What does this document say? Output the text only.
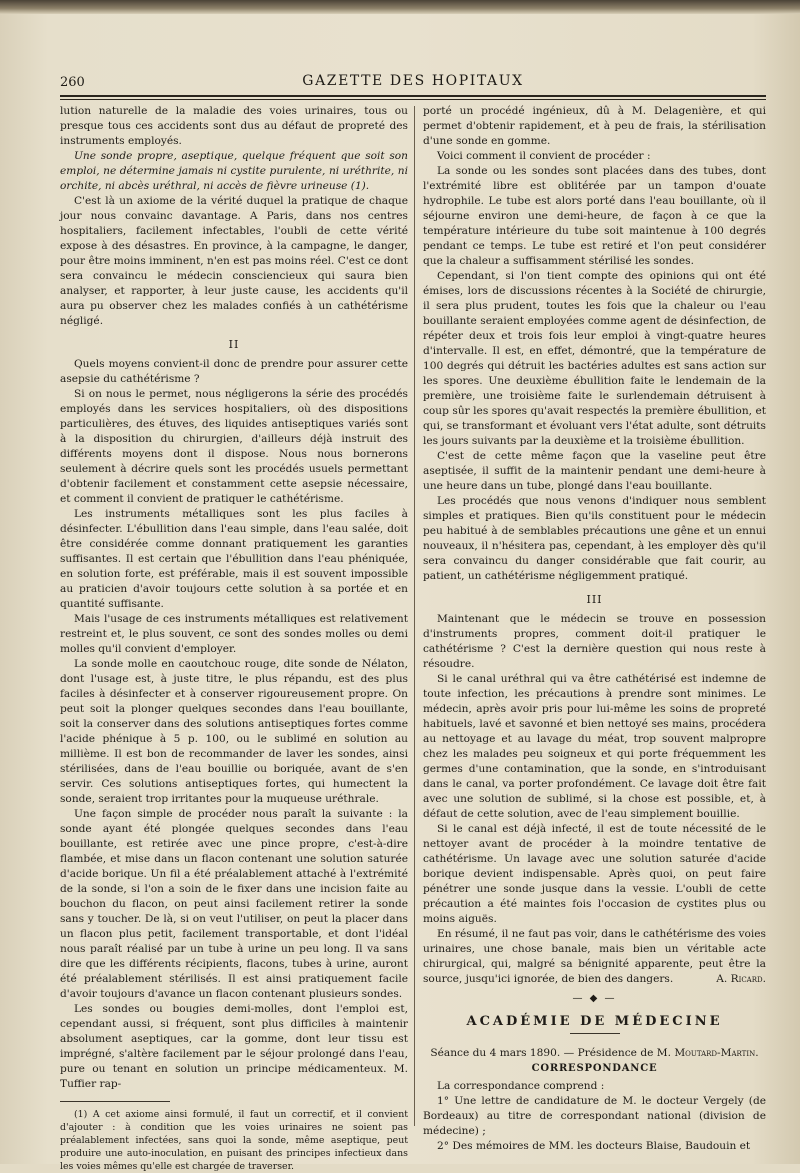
260	GAZETTE DES HOPITAUX

lution naturelle de la maladie des voies urinaires, tous ou presque tous ces accidents sont dus au défaut de propreté des instruments employés.

Une sonde propre, aseptique, quelque fréquent que soit son emploi, ne détermine jamais ni cystite purulente, ni uréthrite, ni orchite, ni abcès uréthral, ni accès de fièvre urineuse (1).

C'est là un axiome de la vérité duquel la pratique de chaque jour nous convainc davantage. A Paris, dans nos centres hospitaliers, facilement infectables, l'oubli de cette vérité expose à des désastres. En province, à la campagne, le danger, pour être moins imminent, n'en est pas moins réel. C'est ce dont sera convaincu le médecin consciencieux qui saura bien analyser, et rapporter, à leur juste cause, les accidents qu'il aura pu observer chez les malades confiés à un cathétérisme négligé.

II

Quels moyens convient-il donc de prendre pour assurer cette asepsie du cathétérisme ?

Si on nous le permet, nous négligerons la série des procédés employés dans les services hospitaliers, où des dispositions particulières, des étuves, des liquides antiseptiques variés sont à la disposition du chirurgien, d'ailleurs déjà instruit des différents moyens dont il dispose. Nous nous bornerons seulement à décrire quels sont les procédés usuels permettant d'obtenir facilement et constamment cette asepsie nécessaire, et comment il convient de pratiquer le cathétérisme.

Les instruments métalliques sont les plus faciles à désinfecter. L'ébullition dans l'eau simple, dans l'eau salée, doit être considérée comme donnant pratiquement les garanties suffisantes. Il est certain que l'ébullition dans l'eau phéniquée, en solution forte, est préférable, mais il est souvent impossible au praticien d'avoir toujours cette solution à sa portée et en quantité suffisante.

Mais l'usage de ces instruments métalliques est relativement restreint et, le plus souvent, ce sont des sondes molles ou demi molles qu'il convient d'employer.

La sonde molle en caoutchouc rouge, dite sonde de Nélaton, dont l'usage est, à juste titre, le plus répandu, est des plus faciles à désinfecter et à conserver rigoureusement propre. On peut soit la plonger quelques secondes dans l'eau bouillante, soit la conserver dans des solutions antiseptiques fortes comme l'acide phénique à 5 p. 100, ou le sublimé en solution au millième. Il est bon de recommander de laver les sondes, ainsi stérilisées, dans de l'eau bouillie ou boriquée, avant de s'en servir. Ces solutions antiseptiques fortes, qui humectent la sonde, seraient trop irritantes pour la muqueuse uréthrale.

Une façon simple de procéder nous paraît la suivante : la sonde ayant été plongée quelques secondes dans l'eau bouillante, est retirée avec une pince propre, c'est-à-dire flambée, et mise dans un flacon contenant une solution saturée d'acide borique. Un fil a été préalablement attaché à l'extrémité de la sonde, si l'on a soin de le fixer dans une incision faite au bouchon du flacon, on peut ainsi facilement retirer la sonde sans y toucher. De là, si on veut l'utiliser, on peut la placer dans un flacon plus petit, facilement transportable, et dont l'idéal nous paraît réalisé par un tube à urine un peu long. Il va sans dire que les différents récipients, flacons, tubes à urine, auront été préalablement stérilisés. Il est ainsi pratiquement facile d'avoir toujours d'avance un flacon contenant plusieurs sondes.

Les sondes ou bougies demi-molles, dont l'emploi est, cependant aussi, si fréquent, sont plus difficiles à maintenir absolument aseptiques, car la gomme, dont leur tissu est imprégné, s'altère facilement par le séjour prolongé dans l'eau, pure ou tenant en solution un principe médicamenteux. M. Tuffier rap-

(1) A cet axiome ainsi formulé, il faut un correctif, et il convient d'ajouter : à condition que les voies urinaires ne soient pas préalablement infectées, sans quoi la sonde, même aseptique, peut produire une auto-inoculation, en puisant des principes infectieux dans les voies mêmes qu'elle est chargée de traverser.

porté un procédé ingénieux, dû à M. Delagenière, et qui permet d'obtenir rapidement, et à peu de frais, la stérilisation d'une sonde en gomme.

Voici comment il convient de procéder :

La sonde ou les sondes sont placées dans des tubes, dont l'extrémité libre est oblitérée par un tampon d'ouate hydrophile. Le tube est alors porté dans l'eau bouillante, où il séjourne environ une demi-heure, de façon à ce que la température intérieure du tube soit maintenue à 100 degrés pendant ce temps. Le tube est retiré et l'on peut considérer que la chaleur a suffisamment stérilisé les sondes.

Cependant, si l'on tient compte des opinions qui ont été émises, lors de discussions récentes à la Société de chirurgie, il sera plus prudent, toutes les fois que la chaleur ou l'eau bouillante seraient employées comme agent de désinfection, de répéter deux et trois fois leur emploi à vingt-quatre heures d'intervalle. Il est, en effet, démontré, que la température de 100 degrés qui détruit les bactéries adultes est sans action sur les spores. Une deuxième ébullition faite le lendemain de la première, une troisième faite le surlendemain détruisent à coup sûr les spores qu'avait respectés la première ébullition, et qui, se transformant et évoluant vers l'état adulte, sont détruits les jours suivants par la deuxième et la troisième ébullition.

C'est de cette même façon que la vaseline peut être aseptisée, il suffit de la maintenir pendant une demi-heure à une heure dans un tube, plongé dans l'eau bouillante.

Les procédés que nous venons d'indiquer nous semblent simples et pratiques. Bien qu'ils constituent pour le médecin peu habitué à de semblables précautions une gêne et un ennui nouveaux, il n'hésitera pas, cependant, à les employer dès qu'il sera convaincu du danger considérable que fait courir, au patient, un cathétérisme négligemment pratiqué.

III

Maintenant que le médecin se trouve en possession d'instruments propres, comment doit-il pratiquer le cathétérisme ? C'est la dernière question qui nous reste à résoudre.

Si le canal uréthral qui va être cathétérisé est indemne de toute infection, les précautions à prendre sont minimes. Le médecin, après avoir pris pour lui-même les soins de propreté habituels, lavé et savonné et bien nettoyé ses mains, procédera au nettoyage et au lavage du méat, trop souvent malpropre chez les malades peu soigneux et qui porte fréquemment les germes d'une contamination, que la sonde, en s'introduisant dans le canal, va porter profondément. Ce lavage doit être fait avec une solution de sublimé, si la chose est possible, et, à défaut de cette solution, avec de l'eau simplement bouillie.

Si le canal est déjà infecté, il est de toute nécessité de le nettoyer avant de procéder à la moindre tentative de cathétérisme. Un lavage avec une solution saturée d'acide borique devient indispensable. Après quoi, on peut faire pénétrer une sonde jusque dans la vessie. L'oubli de cette précaution a été maintes fois l'occasion de cystites plus ou moins aiguës.

En résumé, il ne faut pas voir, dans le cathétérisme des voies urinaires, une chose banale, mais bien un véritable acte chirurgical, qui, malgré sa bénignité apparente, peut être la source, jusqu'ici ignorée, de bien des dangers.	A. Ricard.

— ◆ —
ACADÉMIE DE MÉDECINE

Séance du 4 mars 1890. — Présidence de M. Moutard-Martin.

CORRESPONDANCE

La correspondance comprend :

1° Une lettre de candidature de M. le docteur Vergely (de Bordeaux) au titre de correspondant national (division de médecine) ;

2° Des mémoires de MM. les docteurs Blaise, Baudouin et
